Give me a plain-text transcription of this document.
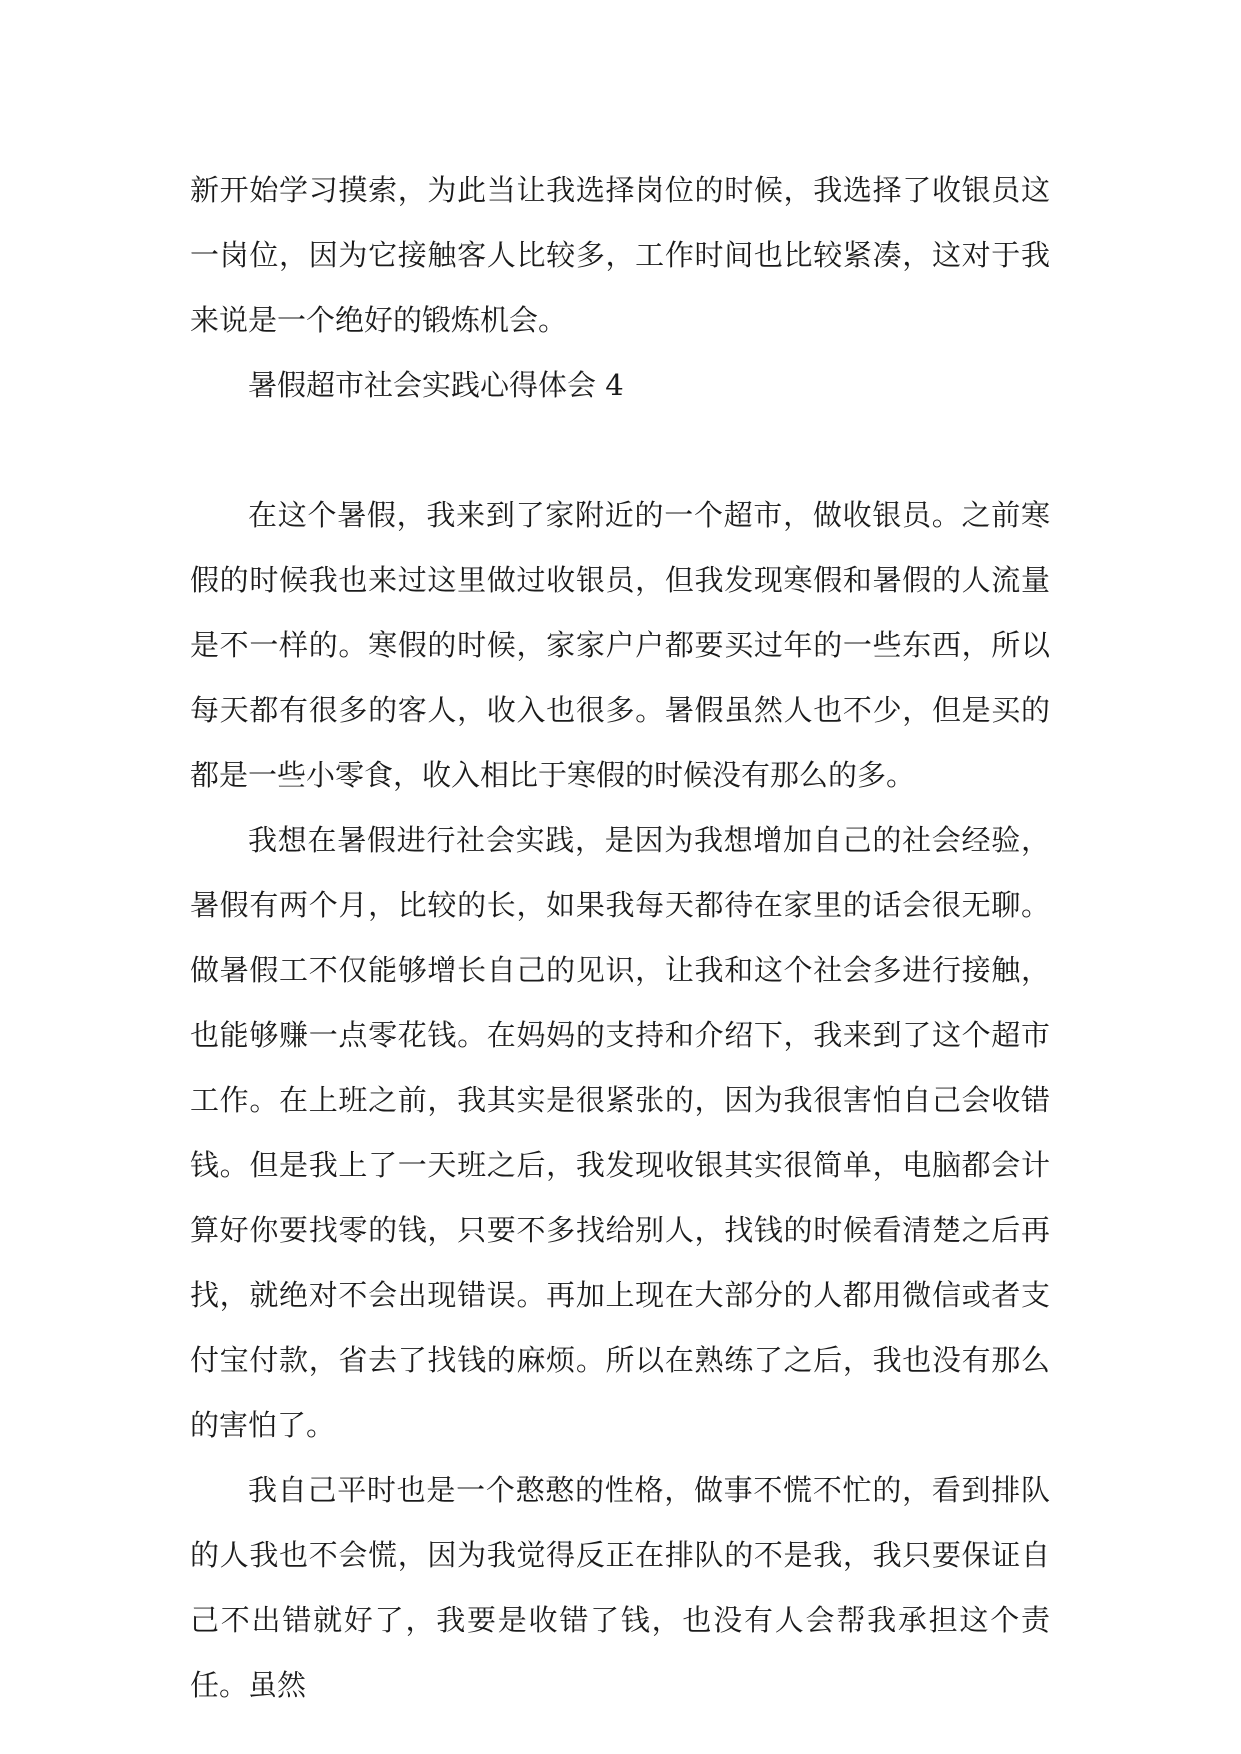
新开始学习摸索，为此当让我选择岗位的时候，我选择了收银员这一岗位，因为它接触客人比较多，工作时间也比较紧凑，这对于我来说是一个绝好的锻炼机会。

暑假超市社会实践心得体会 4

在这个暑假，我来到了家附近的一个超市，做收银员。之前寒假的时候我也来过这里做过收银员，但我发现寒假和暑假的人流量是不一样的。寒假的时候，家家户户都要买过年的一些东西，所以每天都有很多的客人，收入也很多。暑假虽然人也不少，但是买的都是一些小零食，收入相比于寒假的时候没有那么的多。

我想在暑假进行社会实践，是因为我想增加自己的社会经验，暑假有两个月，比较的长，如果我每天都待在家里的话会很无聊。做暑假工不仅能够增长自己的见识，让我和这个社会多进行接触，也能够赚一点零花钱。在妈妈的支持和介绍下，我来到了这个超市工作。在上班之前，我其实是很紧张的，因为我很害怕自己会收错钱。但是我上了一天班之后，我发现收银其实很简单，电脑都会计算好你要找零的钱，只要不多找给别人，找钱的时候看清楚之后再找，就绝对不会出现错误。再加上现在大部分的人都用微信或者支付宝付款，省去了找钱的麻烦。所以在熟练了之后，我也没有那么的害怕了。

我自己平时也是一个憨憨的性格，做事不慌不忙的，看到排队的人我也不会慌，因为我觉得反正在排队的不是我，我只要保证自己不出错就好了，我要是收错了钱，也没有人会帮我承担这个责任。虽然
